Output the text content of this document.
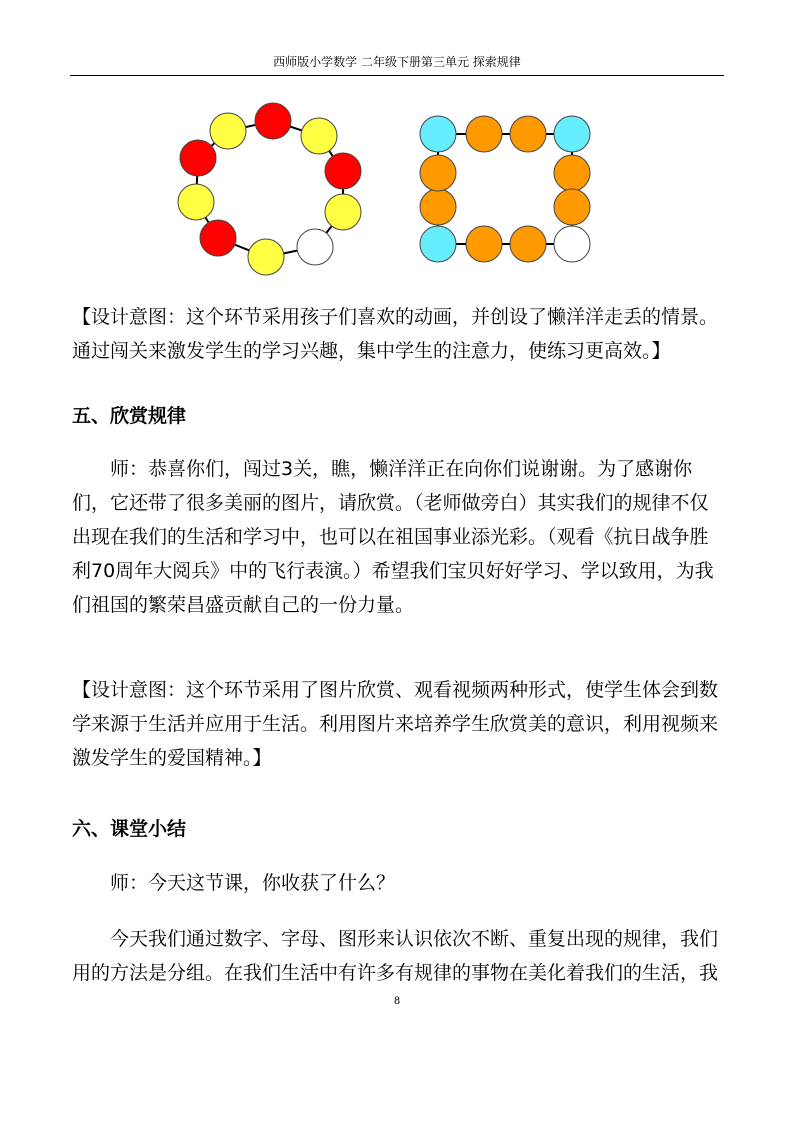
西师版小学数学 二年级下册第三单元 探索规律

【设计意图：这个环节采用孩子们喜欢的动画，并创设了懒洋洋走丢的情景。通过闯关来激发学生的学习兴趣，集中学生的注意力，使练习更高效。】

五、欣赏规律

师：恭喜你们，闯过3关，瞧，懒洋洋正在向你们说谢谢。为了感谢你们，它还带了很多美丽的图片，请欣赏。（老师做旁白）其实我们的规律不仅出现在我们的生活和学习中，也可以在祖国事业添光彩。（观看《抗日战争胜利70周年大阅兵》中的飞行表演。）希望我们宝贝好好学习、学以致用，为我们祖国的繁荣昌盛贡献自己的一份力量。

【设计意图：这个环节采用了图片欣赏、观看视频两种形式，使学生体会到数学来源于生活并应用于生活。利用图片来培养学生欣赏美的意识，利用视频来激发学生的爱国精神。】

六、课堂小结

师：今天这节课，你收获了什么？

今天我们通过数字、字母、图形来认识依次不断、重复出现的规律，我们用的方法是分组。在我们生活中有许多有规律的事物在美化着我们的生活，我

8
